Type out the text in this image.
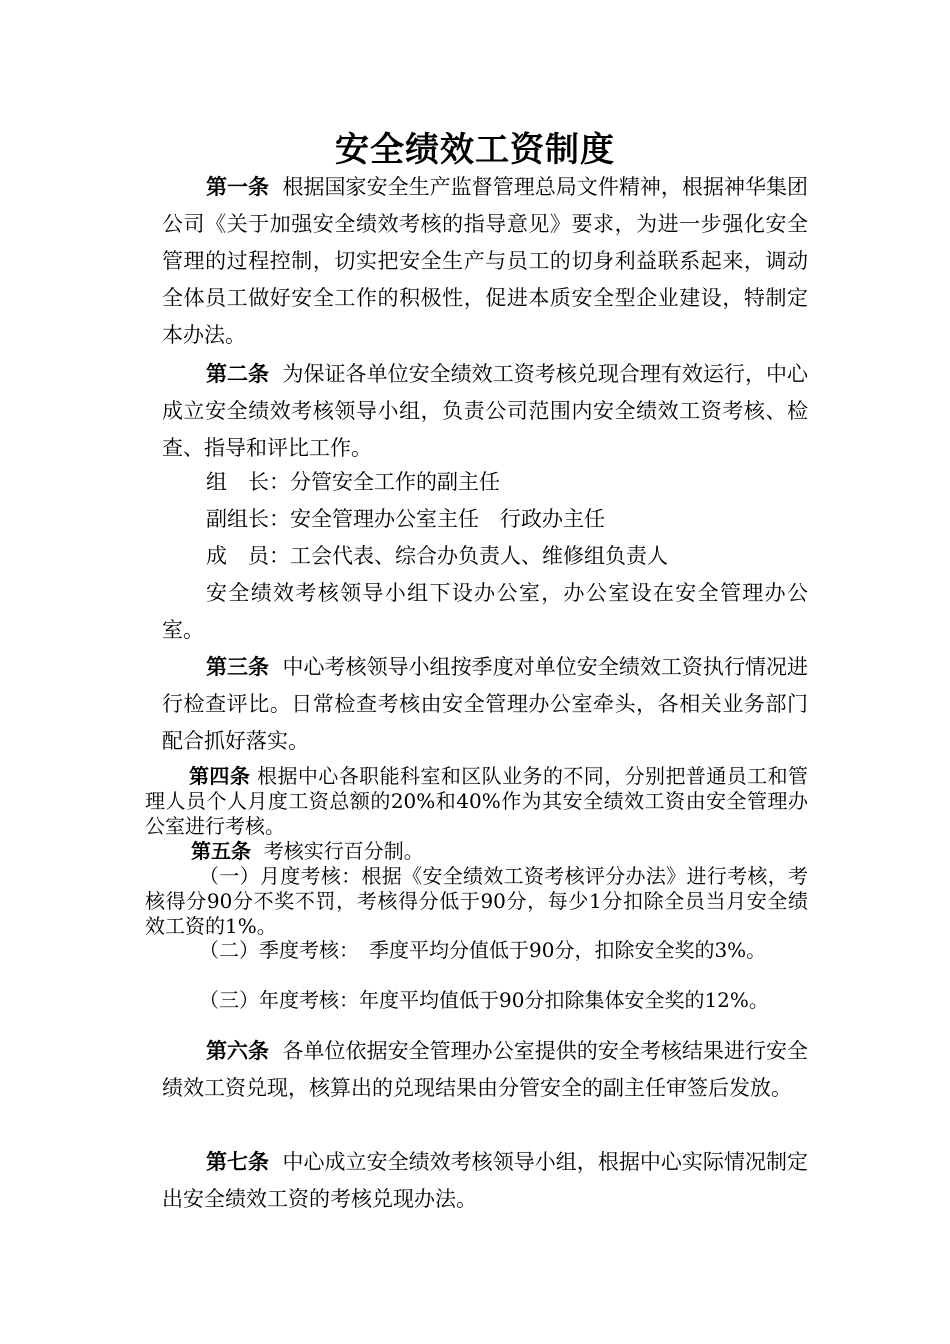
安全绩效工资制度
第一条 根据国家安全生产监督管理总局文件精神，根据神华集团公司《关于加强安全绩效考核的指导意见》要求，为进一步强化安全管理的过程控制，切实把安全生产与员工的切身利益联系起来，调动全体员工做好安全工作的积极性，促进本质安全型企业建设，特制定本办法。
第二条 为保证各单位安全绩效工资考核兑现合理有效运行，中心成立安全绩效考核领导小组，负责公司范围内安全绩效工资考核、检查、指导和评比工作。
组　长：分管安全工作的副主任
副组长：安全管理办公室主任　行政办主任
成　员：工会代表、综合办负责人、维修组负责人
安全绩效考核领导小组下设办公室，办公室设在安全管理办公室。
第三条 中心考核领导小组按季度对单位安全绩效工资执行情况进行检查评比。日常检查考核由安全管理办公室牵头，各相关业务部门配合抓好落实。
第四条 根据中心各职能科室和区队业务的不同，分别把普通员工和管理人员个人月度工资总额的20%和40%作为其安全绩效工资由安全管理办公室进行考核。
第五条 考核实行百分制。
（一）月度考核：根据《安全绩效工资考核评分办法》进行考核，考核得分90分不奖不罚，考核得分低于90分，每少1分扣除全员当月安全绩效工资的1%。
（二）季度考核：　季度平均分值低于90分，扣除安全奖的3%。
（三）年度考核：年度平均值低于90分扣除集体安全奖的12%。
第六条 各单位依据安全管理办公室提供的安全考核结果进行安全绩效工资兑现，核算出的兑现结果由分管安全的副主任审签后发放。
第七条 中心成立安全绩效考核领导小组，根据中心实际情况制定出安全绩效工资的考核兑现办法。
